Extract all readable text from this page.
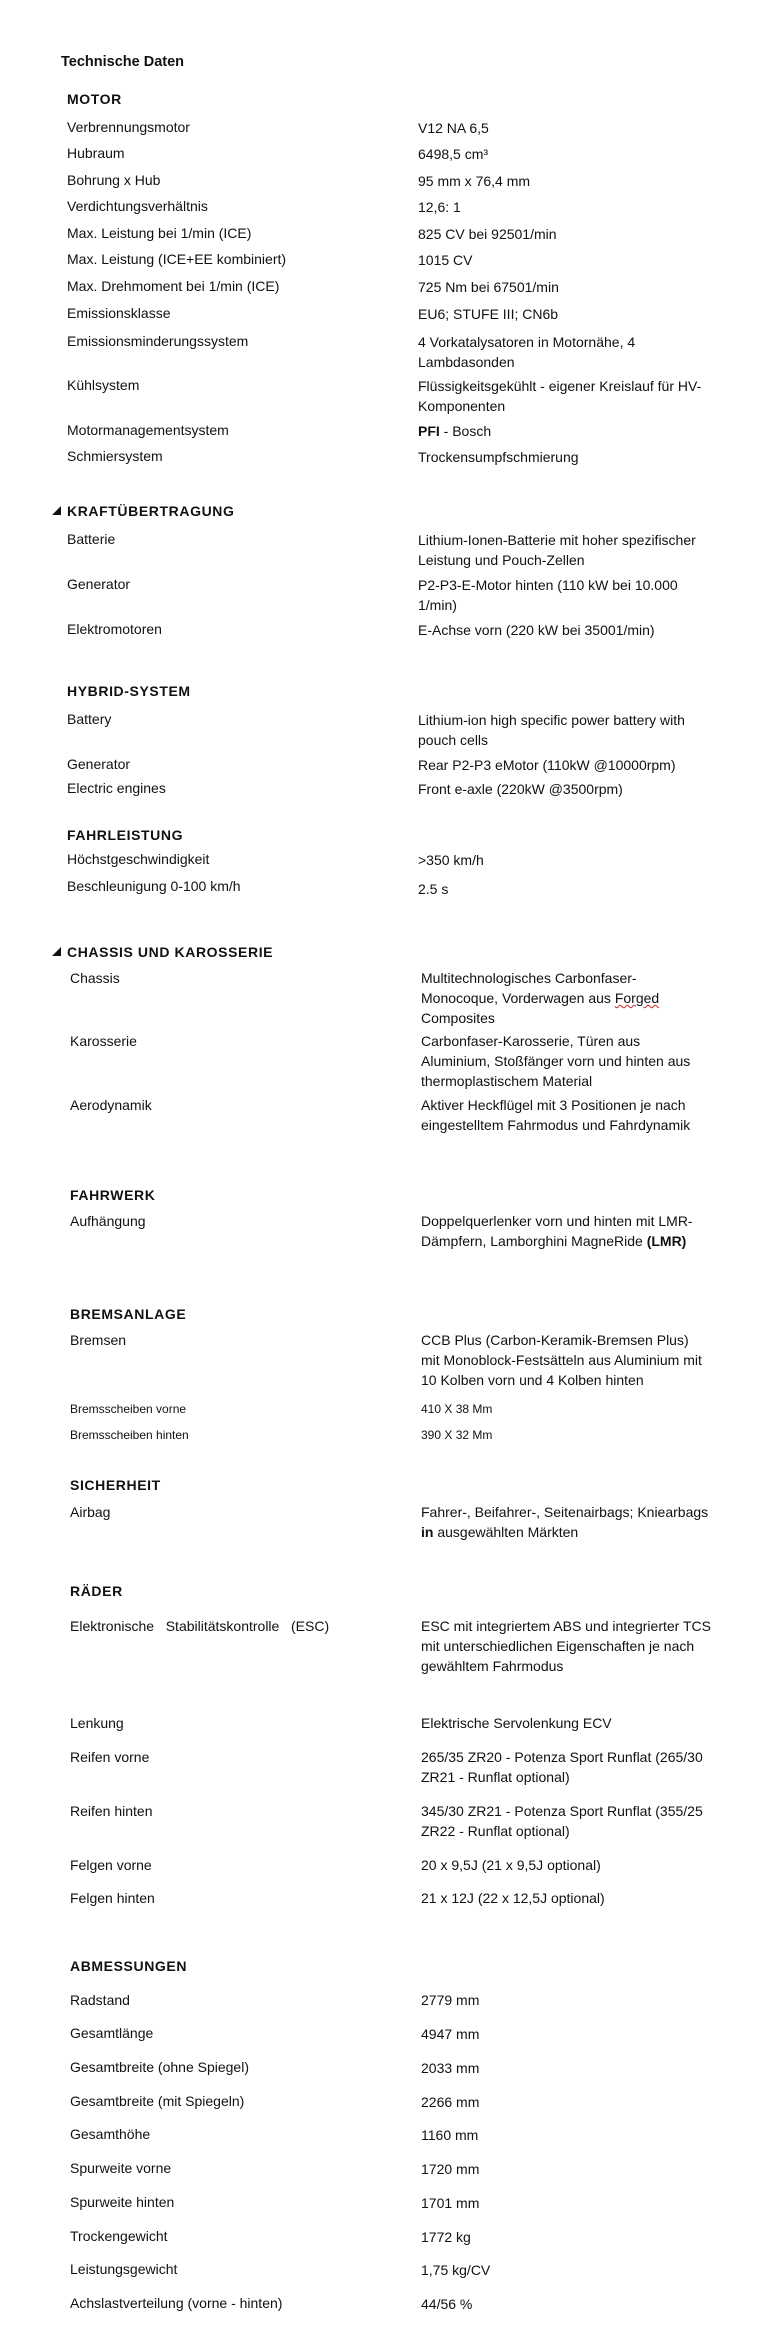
Technische Daten
MOTOR
Verbrennungsmotor	V12 NA 6,5
Hubraum	6498,5 cm³
Bohrung x Hub	95 mm x 76,4 mm
Verdichtungsverhältnis	12,6: 1
Max. Leistung bei 1/min (ICE)	825 CV bei 92501/min
Max. Leistung (ICE+EE kombiniert)	1015 CV
Max. Drehmoment bei 1/min (ICE)	725 Nm bei 67501/min
Emissionsklasse	EU6; STUFE III; CN6b
Emissionsminderungssystem	4 Vorkatalysatoren in Motornähe, 4 Lambdasonden
Kühlsystem	Flüssigkeitsgekühlt - eigener Kreislauf für HV-Komponenten
Motormanagementsystem	PFI - Bosch
Schmiersystem	Trockensumpfschmierung
KRAFTÜBERTRAGUNG
Batterie	Lithium-Ionen-Batterie mit hoher spezifischer Leistung und Pouch-Zellen
Generator	P2-P3-E-Motor hinten (110 kW bei 10.000 1/min)
Elektromotoren	E-Achse vorn (220 kW bei 35001/min)
HYBRID-SYSTEM
Battery	Lithium-ion high specific power battery with pouch cells
Generator	Rear P2-P3 eMotor (110kW @10000rpm)
Electric engines	Front e-axle (220kW @3500rpm)
FAHRLEISTUNG
Höchstgeschwindigkeit	>350 km/h
Beschleunigung 0-100 km/h	2.5 s
CHASSIS UND KAROSSERIE
Chassis	Multitechnologisches Carbonfaser-Monocoque, Vorderwagen aus Forged Composites
Karosserie	Carbonfaser-Karosserie, Türen aus Aluminium, Stoßfänger vorn und hinten aus thermoplastischem Material
Aerodynamik	Aktiver Heckflügel mit 3 Positionen je nach eingestelltem Fahrmodus und Fahrdynamik
FAHRWERK
Aufhängung	Doppelquerlenker vorn und hinten mit LMR-Dämpfern, Lamborghini MagneRide (LMR)
BREMSANLAGE
Bremsen	CCB Plus (Carbon-Keramik-Bremsen Plus) mit Monoblock-Festsätteln aus Aluminium mit 10 Kolben vorn und 4 Kolben hinten
Bremsscheiben vorne	410 X 38 Mm
Bremsscheiben hinten	390 X 32 Mm
SICHERHEIT
Airbag	Fahrer-, Beifahrer-, Seitenairbags; Kniearbags in ausgewählten Märkten
RÄDER
Elektronische   Stabilitätskontrolle   (ESC)	ESC mit integriertem ABS und integrierter TCS mit unterschiedlichen Eigenschaften je nach gewähltem Fahrmodus
Lenkung	Elektrische Servolenkung ECV
Reifen vorne	265/35 ZR20 - Potenza Sport Runflat (265/30 ZR21 - Runflat optional)
Reifen hinten	345/30 ZR21 - Potenza Sport Runflat (355/25 ZR22 - Runflat optional)
Felgen vorne	20 x 9,5J (21 x 9,5J optional)
Felgen hinten	21 x 12J (22 x 12,5J optional)
ABMESSUNGEN
Radstand	2779 mm
Gesamtlänge	4947 mm
Gesamtbreite (ohne Spiegel)	2033 mm
Gesamtbreite (mit Spiegeln)	2266 mm
Gesamthöhe	1160 mm
Spurweite vorne	1720 mm
Spurweite hinten	1701 mm
Trockengewicht	1772 kg
Leistungsgewicht	1,75 kg/CV
Achslastverteilung (vorne - hinten)	44/56 %
